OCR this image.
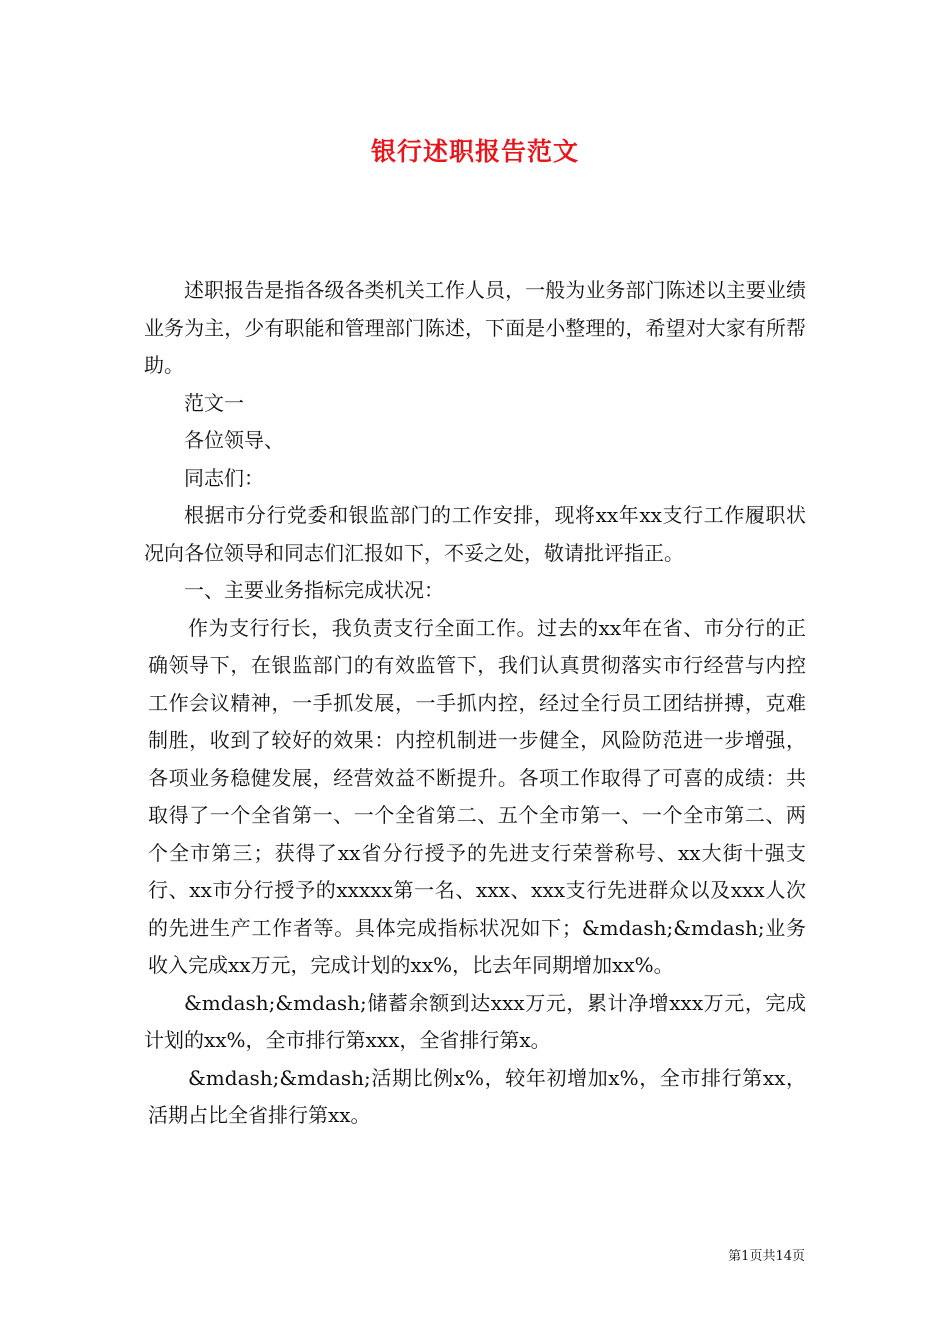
银行述职报告范文

述职报告是指各级各类机关工作人员，一般为业务部门陈述以主要业绩业务为主，少有职能和管理部门陈述，下面是小整理的，希望对大家有所帮助。

范文一

各位领导、

同志们：

根据市分行党委和银监部门的工作安排，现将xx年xx支行工作履职状况向各位领导和同志们汇报如下，不妥之处，敬请批评指正。

一、主要业务指标完成状况：

作为支行行长，我负责支行全面工作。过去的xx年在省、市分行的正确领导下，在银监部门的有效监管下，我们认真贯彻落实市行经营与内控工作会议精神，一手抓发展，一手抓内控，经过全行员工团结拼搏，克难制胜，收到了较好的效果：内控机制进一步健全，风险防范进一步增强，各项业务稳健发展，经营效益不断提升。各项工作取得了可喜的成绩：共取得了一个全省第一、一个全省第二、五个全市第一、一个全市第二、两个全市第三；获得了xx省分行授予的先进支行荣誉称号、xx大街十强支行、xx市分行授予的xxxxx第一名、xxx、xxx支行先进群众以及xxx人次的先进生产工作者等。具体完成指标状况如下；&mdash;&mdash;业务收入完成xx万元，完成计划的xx%，比去年同期增加xx%。

&mdash;&mdash;储蓄余额到达xxx万元，累计净增xxx万元，完成计划的xx%，全市排行第xxx，全省排行第x。

&mdash;&mdash;活期比例x%，较年初增加x%，全市排行第xx，活期占比全省排行第xx。

第1页共14页
